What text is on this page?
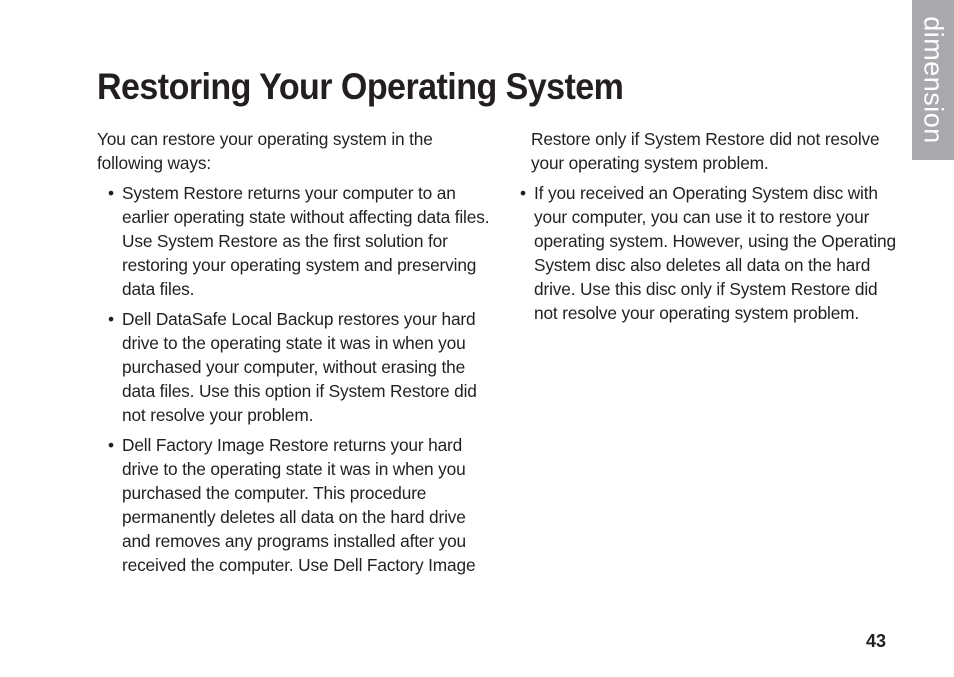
dimension
Restoring Your Operating System

You can restore your operating system in the following ways:

• System Restore returns your computer to an earlier operating state without affecting data files. Use System Restore as the first solution for restoring your operating system and preserving data files.
• Dell DataSafe Local Backup restores your hard drive to the operating state it was in when you purchased your computer, without erasing the data files. Use this option if System Restore did not resolve your problem.
• Dell Factory Image Restore returns your hard drive to the operating state it was in when you purchased the computer. This procedure permanently deletes all data on the hard drive and removes any programs installed after you received the computer. Use Dell Factory Image

Restore only if System Restore did not resolve your operating system problem.

• If you received an Operating System disc with your computer, you can use it to restore your operating system. However, using the Operating System disc also deletes all data on the hard drive. Use this disc only if System Restore did not resolve your operating system problem.
43
